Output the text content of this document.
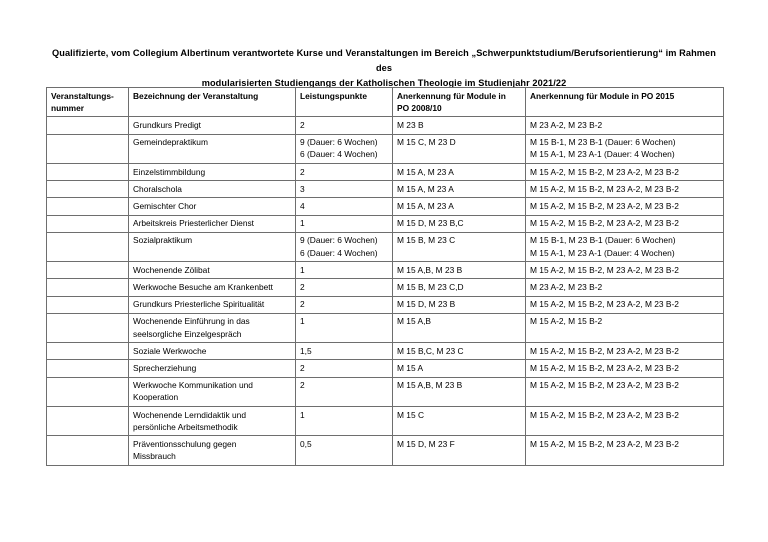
Qualifizierte, vom Collegium Albertinum verantwortete Kurse und Veranstaltungen im Bereich „Schwerpunktstudium/Berufsorientierung“ im Rahmen des
modularisierten Studiengangs der Katholischen Theologie im Studienjahr 2021/22
Veranstaltungs-
nummer	Bezeichnung der Veranstaltung	Leistungspunkte	Anerkennung für Module in
PO 2008/10	Anerkennung für Module in PO 2015

	Grundkurs Predigt	2	M 23 B	M 23 A-2, M 23 B-2

	Gemeindepraktikum	9 (Dauer: 6 Wochen)
6 (Dauer: 4 Wochen)	M 15 C, M 23 D	M 15 B-1, M 23 B-1 (Dauer: 6 Wochen)
M 15 A-1, M 23 A-1 (Dauer: 4 Wochen)

	Einzelstimmbildung	2	M 15 A, M 23 A	M 15 A-2, M 15 B-2, M 23 A-2, M 23 B-2

	Choralschola	3	M 15 A, M 23 A	M 15 A-2, M 15 B-2, M 23 A-2, M 23 B-2

	Gemischter Chor	4	M 15 A, M 23 A	M 15 A-2, M 15 B-2, M 23 A-2, M 23 B-2

	Arbeitskreis Priesterlicher Dienst	1	M 15 D, M 23 B,C	M 15 A-2, M 15 B-2, M 23 A-2, M 23 B-2

	Sozialpraktikum	9 (Dauer: 6 Wochen)
6 (Dauer: 4 Wochen)	M 15 B, M 23 C	M 15 B-1, M 23 B-1 (Dauer: 6 Wochen)
M 15 A-1, M 23 A-1 (Dauer: 4 Wochen)

	Wochenende Zölibat	1	M 15 A,B, M 23 B	M 15 A-2, M 15 B-2, M 23 A-2, M 23 B-2

	Werkwoche Besuche am Krankenbett	2	M 15 B, M 23 C,D	M 23 A-2, M 23 B-2

	Grundkurs Priesterliche Spiritualität	2	M 15 D, M 23 B	M 15 A-2, M 15 B-2, M 23 A-2, M 23 B-2

	Wochenende Einführung in das
seelsorgliche Einzelgespräch	1	M 15 A,B	M 15 A-2, M 15 B-2

	Soziale Werkwoche	1,5	M 15 B,C, M 23 C	M 15 A-2, M 15 B-2, M 23 A-2, M 23 B-2

	Sprecherziehung	2	M 15 A	M 15 A-2, M 15 B-2, M 23 A-2, M 23 B-2

	Werkwoche Kommunikation und
Kooperation	2	M 15 A,B, M 23 B	M 15 A-2, M 15 B-2, M 23 A-2, M 23 B-2

	Wochenende Lerndidaktik und
persönliche Arbeitsmethodik	1	M 15 C	M 15 A-2, M 15 B-2, M 23 A-2, M 23 B-2

	Präventionsschulung gegen
Missbrauch	0,5	M 15 D, M 23 F	M 15 A-2, M 15 B-2, M 23 A-2, M 23 B-2
